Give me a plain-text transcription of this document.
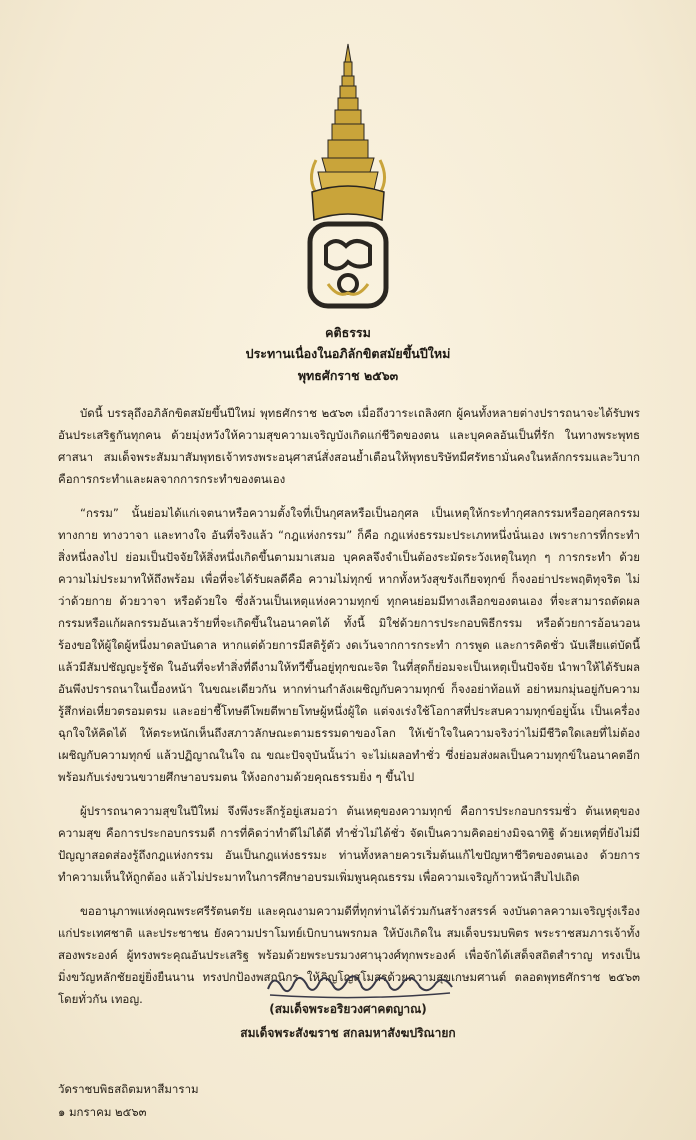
คติธรรม
ประทานเนื่องในอภิลักขิตสมัยขึ้นปีใหม่
พุทธศักราช ๒๕๖๓

บัดนี้ บรรลุถึงอภิลักขิตสมัยขึ้นปีใหม่ พุทธศักราช ๒๕๖๓ เมื่อถึงวาระเถลิงศก ผู้คนทั้งหลายต่างปรารถนาจะได้รับพรอันประเสริฐกันทุกคน ด้วยมุ่งหวังให้ความสุขความเจริญบังเกิดแก่ชีวิตของตน และบุคคลอันเป็นที่รัก ในทางพระพุทธศาสนา สมเด็จพระสัมมาสัมพุทธเจ้าทรงพระอนุศาสน์สั่งสอนย้ำเตือนให้พุทธบริษัทมีศรัทธามั่นคงในหลักกรรมและวิบาก คือการกระทำและผลจากการกระทำของตนเอง

“กรรม” นั้นย่อมได้แก่เจตนาหรือความตั้งใจที่เป็นกุศลหรือเป็นอกุศล เป็นเหตุให้กระทำกุศลกรรมหรืออกุศลกรรมทางกาย ทางวาจา และทางใจ อันที่จริงแล้ว “กฎแห่งกรรม” ก็คือ กฎแห่งธรรมะประเภทหนึ่งนั่นเอง เพราะการที่กระทำสิ่งหนึ่งลงไป ย่อมเป็นปัจจัยให้สิ่งหนึ่งเกิดขึ้นตามมาเสมอ บุคคลจึงจำเป็นต้องระมัดระวังเหตุในทุก ๆ การกระทำ ด้วยความไม่ประมาทให้ถึงพร้อม เพื่อที่จะได้รับผลดีคือ ความไม่ทุกข์ หากทั้งหวังสุขรังเกียจทุกข์ ก็จงอย่าประพฤติทุจริต ไม่ว่าด้วยกาย ด้วยวาจา หรือด้วยใจ ซึ่งล้วนเป็นเหตุแห่งความทุกข์ ทุกคนย่อมมีทางเลือกของตนเอง ที่จะสามารถตัดผลกรรมหรือแก้ผลกรรมอันเลวร้ายที่จะเกิดขึ้นในอนาคตได้ ทั้งนี้ มิใช่ด้วยการประกอบพิธีกรรม หรือด้วยการอ้อนวอนร้องขอให้ผู้ใดผู้หนึ่งมาดลบันดาล หากแต่ด้วยการมีสติรู้ตัว งดเว้นจากการกระทำ การพูด และการคิดชั่ว นับเสียแต่บัดนี้ แล้วมีสัมปชัญญะรู้ชัด ในอันที่จะทำสิ่งที่ดีงามให้ทวีขึ้นอยู่ทุกขณะจิต ในที่สุดก็ย่อมจะเป็นเหตุเป็นปัจจัย นำพาให้ได้รับผลอันพึงปรารถนาในเบื้องหน้า ในขณะเดียวกัน หากท่านกำลังเผชิญกับความทุกข์ ก็จงอย่าท้อแท้ อย่าหมกมุ่นอยู่กับความรู้สึกห่อเหี่ยวตรอมตรม และอย่าชี้โทษตีโพยตีพายโทษผู้หนึ่งผู้ใด แต่จงเร่งใช้โอกาสที่ประสบความทุกข์อยู่นั้น เป็นเครื่องฉุกใจให้คิดได้ ให้ตระหนักเห็นถึงสภาวลักษณะตามธรรมดาของโลก ให้เข้าใจในความจริงว่าไม่มีชีวิตใดเลยที่ไม่ต้องเผชิญกับความทุกข์ แล้วปฏิญาณในใจ ณ ขณะปัจจุบันนั้นว่า จะไม่เผลอทำชั่ว ซึ่งย่อมส่งผลเป็นความทุกข์ในอนาคตอีก พร้อมกับเร่งขวนขวายศึกษาอบรมตน ให้งอกงามด้วยคุณธรรมยิ่ง ๆ ขึ้นไป

ผู้ปรารถนาความสุขในปีใหม่ จึงพึงระลึกรู้อยู่เสมอว่า ต้นเหตุของความทุกข์ คือการประกอบกรรมชั่ว ต้นเหตุของความสุข คือการประกอบกรรมดี การที่คิดว่าทำดีไม่ได้ดี ทำชั่วไม่ได้ชั่ว จัดเป็นความคิดอย่างมิจฉาทิฐิ ด้วยเหตุที่ยังไม่มีปัญญาสอดส่องรู้ถึงกฎแห่งกรรม อันเป็นกฎแห่งธรรมะ ท่านทั้งหลายควรเริ่มต้นแก้ไขปัญหาชีวิตของตนเอง ด้วยการทำความเห็นให้ถูกต้อง แล้วไม่ประมาทในการศึกษาอบรมเพิ่มพูนคุณธรรม เพื่อความเจริญก้าวหน้าสืบไปเถิด

ขออานุภาพแห่งคุณพระศรีรัตนตรัย และคุณงามความดีที่ทุกท่านได้ร่วมกันสร้างสรรค์ จงบันดาลความเจริญรุ่งเรืองแก่ประเทศชาติ และประชาชน ยังความปราโมทย์เบิกบานพรกมล ให้บังเกิดใน สมเด็จบรมบพิตร พระราชสมภารเจ้าทั้งสองพระองค์ ผู้ทรงพระคุณอันประเสริฐ พร้อมด้วยพระบรมวงศานุวงศ์ทุกพระองค์ เพื่อจักได้เสด็จสถิตสำราญ ทรงเป็นมิ่งขวัญหลักชัยอยู่ยิ่งยืนนาน ทรงปกป้องพสกนิกร ให้ภิญโญสโมสรด้วยความสุขเกษมศานต์ ตลอดพุทธศักราช ๒๕๖๓ โดยทั่วกัน เทอญ.

(สมเด็จพระอริยวงศาคตญาณ)
สมเด็จพระสังฆราช สกลมหาสังฆปริณายก
วัดราชบพิธสถิตมหาสีมาราม
๑ มกราคม ๒๕๖๓
